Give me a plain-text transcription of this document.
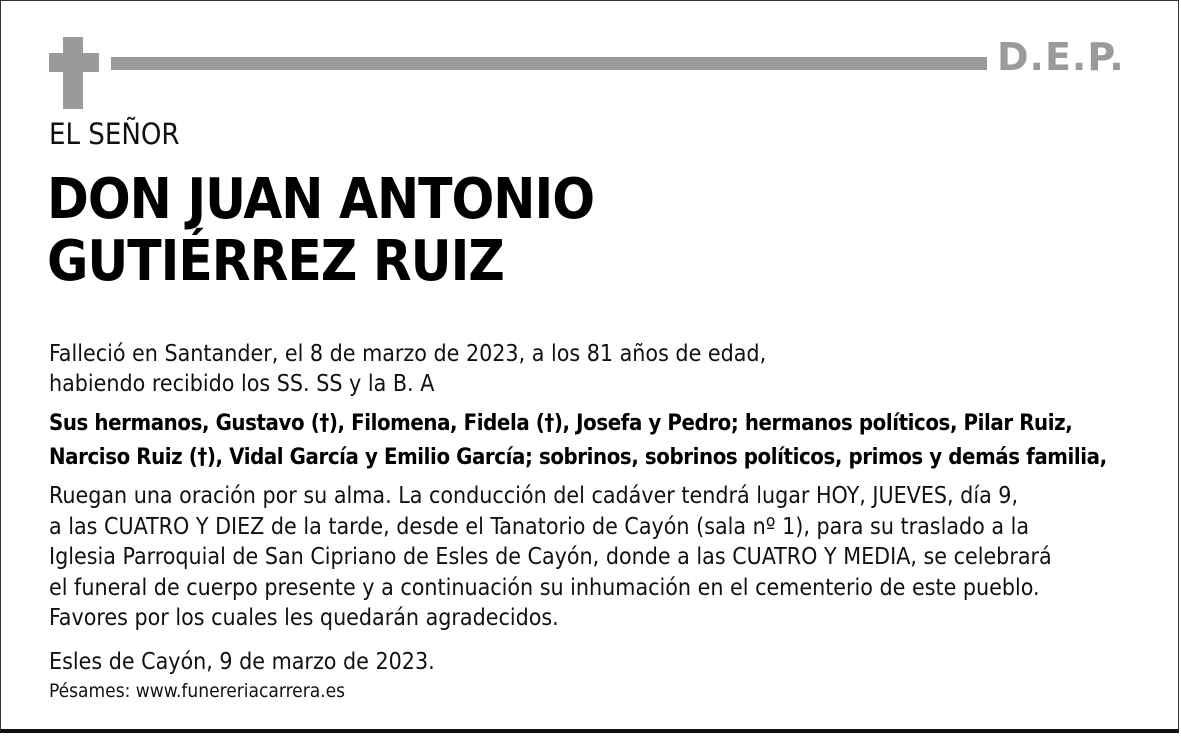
D.E.P.
EL SEÑOR
DON JUAN ANTONIO
GUTIÉRREZ RUIZ
Falleció en Santander, el 8 de marzo de 2023, a los 81 años de edad,
habiendo recibido los SS. SS y la B. A
Sus hermanos, Gustavo (†), Filomena, Fidela (†), Josefa y Pedro; hermanos políticos, Pilar Ruiz,
Narciso Ruiz (†), Vidal García y Emilio García; sobrinos, sobrinos políticos, primos y demás familia,
Ruegan una oración por su alma. La conducción del cadáver tendrá lugar HOY, JUEVES, día 9,
a las CUATRO Y DIEZ de la tarde, desde el Tanatorio de Cayón (sala nº 1), para su traslado a la
Iglesia Parroquial de San Cipriano de Esles de Cayón, donde a las CUATRO Y MEDIA, se celebrará
el funeral de cuerpo presente y a continuación su inhumación en el cementerio de este pueblo.
Favores por los cuales les quedarán agradecidos.
Esles de Cayón, 9 de marzo de 2023.
Pésames: www.funereriacarrera.es
